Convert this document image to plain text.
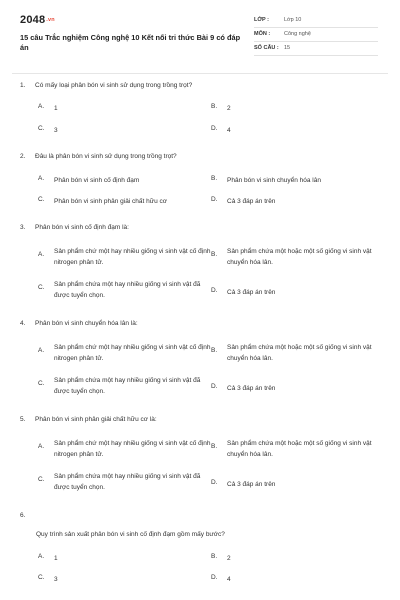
2048.vn
15 câu Trắc nghiệm Công nghệ 10 Kết nối tri thức Bài 9 có đáp án
LỚP :	Lớp 10
MÔN :	Công nghệ
SỐ CÂU : 15
1. Có mấy loại phân bón vi sinh sử dụng trong trồng trọt?
A. 1	B. 2
C. 3	D. 4
2. Đâu là phân bón vi sinh sử dụng trong trồng trọt?
A. Phân bón vi sinh cố định đạm	B. Phân bón vi sinh chuyển hóa lân
C. Phân bón vi sinh phân giải chất hữu cơ	D. Cả 3 đáp án trên
3. Phân bón vi sinh cố định đạm là:
A. Sản phẩm chứ một hay nhiều giống vi sinh vật cố định nitrogen phân tử.
B. Sản phẩm chứa một hoặc một số giống vi sinh vật chuyển hóa lân.
C. Sản phẩm chứa một hay nhiều giống vi sinh vật đã được tuyển chọn.
D. Cả 3 đáp án trên
4. Phân bón vi sinh chuyển hóa lân là:
A. Sản phẩm chứ một hay nhiều giống vi sinh vật cố định nitrogen phân tử.
B. Sản phẩm chứa một hoặc một số giống vi sinh vật chuyển hóa lân.
C. Sản phẩm chứa một hay nhiều giống vi sinh vật đã được tuyển chọn.
D. Cả 3 đáp án trên
5. Phân bón vi sinh phân giải chất hữu cơ là:
A. Sản phẩm chứ một hay nhiều giống vi sinh vật cố định nitrogen phân tử.
B. Sản phẩm chứa một hoặc một số giống vi sinh vật chuyển hóa lân.
C. Sản phẩm chứa một hay nhiều giống vi sinh vật đã được tuyển chọn.
D. Cả 3 đáp án trên
6.
Quy trình sản xuất phân bón vi sinh cố định đạm gồm mấy bước?
A. 1	B. 2
C. 3	D. 4
